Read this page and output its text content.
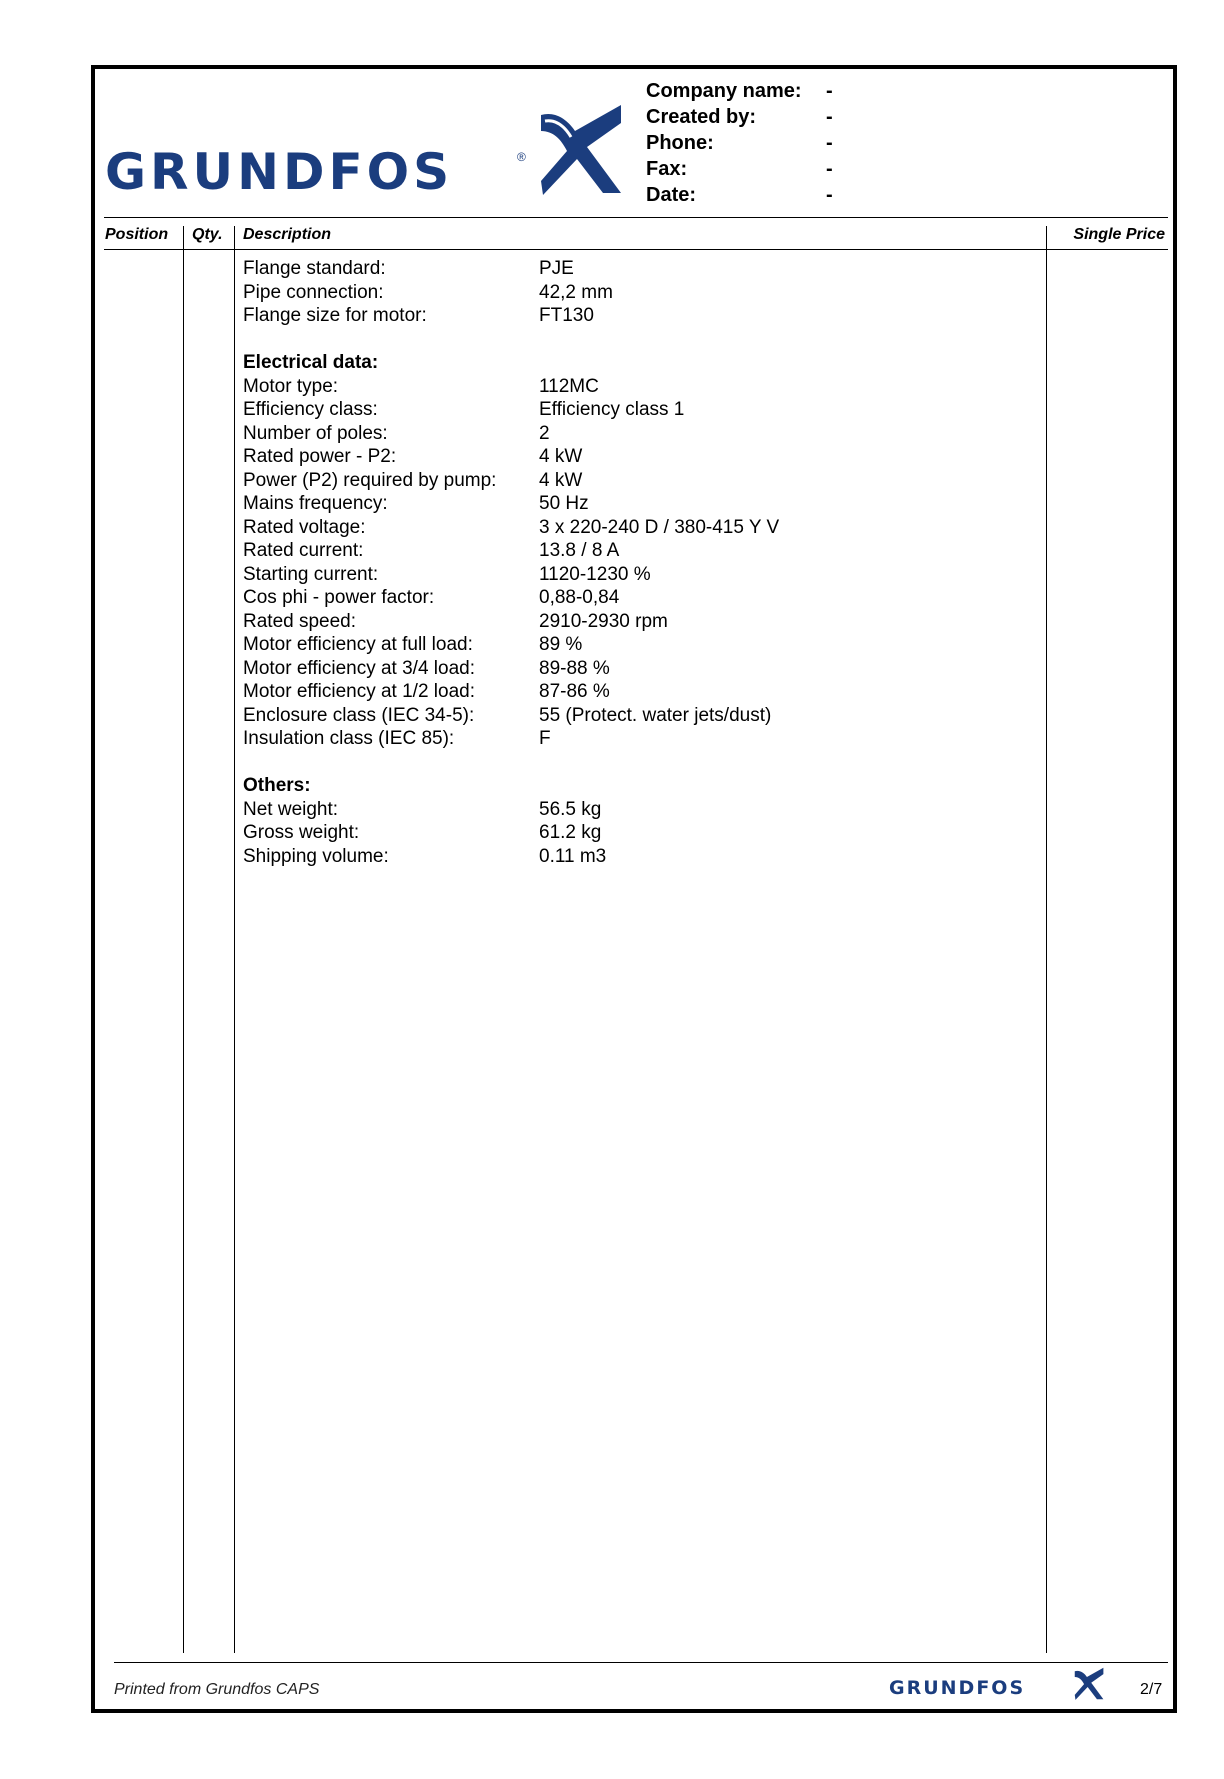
GRUNDFOS	®
Company name:	-
Created by:	-
Phone:	-
Fax:	-
Date:	-
Position Qty. Description	Single Price
Flange standard:	PJE
Pipe connection:	42,2 mm
Flange size for motor:	FT130
Electrical data:
Motor type:	112MC
Efficiency class:	Efficiency class 1
Number of poles:	2
Rated power - P2:	4 kW
Power (P2) required by pump:	4 kW
Mains frequency:	50 Hz
Rated voltage:	3 x 220-240 D / 380-415 Y V
Rated current:	13.8 / 8 A
Starting current:	1120-1230 %
Cos phi - power factor:	0,88-0,84
Rated speed:	2910-2930 rpm
Motor efficiency at full load:	89 %
Motor efficiency at 3/4 load:	89-88 %
Motor efficiency at 1/2 load:	87-86 %
Enclosure class (IEC 34-5):	55 (Protect. water jets/dust)
Insulation class (IEC 85):	F
Others:
Net weight:	56.5 kg
Gross weight:	61.2 kg
Shipping volume:	0.11 m3
Printed from Grundfos CAPS	GRUNDFOS	2/7
